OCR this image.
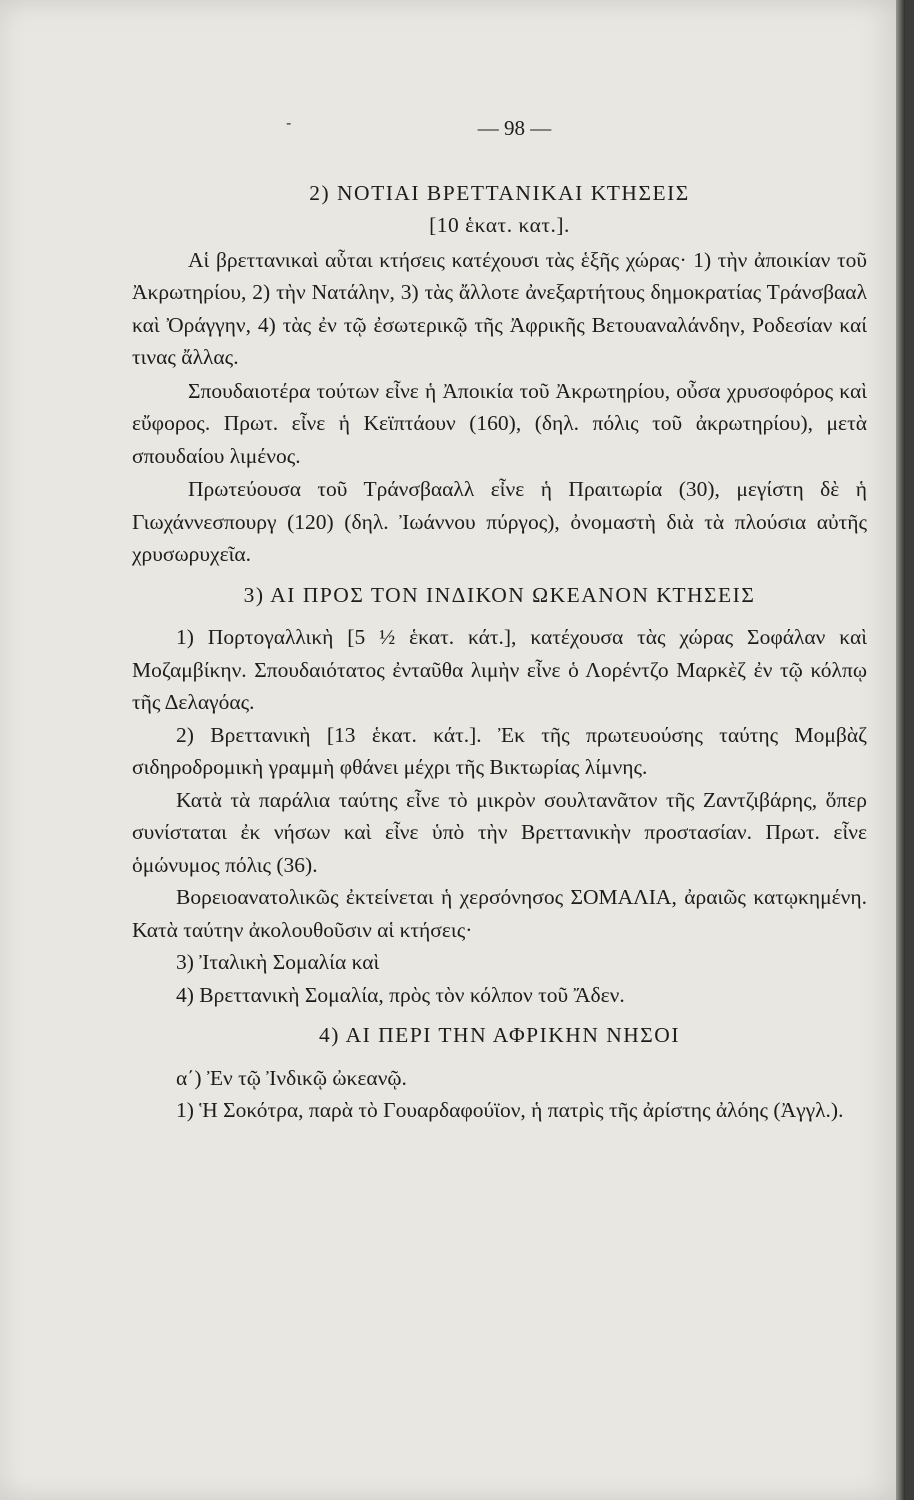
-	— 98 —

2) ΝΟΤΙΑΙ ΒΡΕΤΤΑΝΙΚΑΙ ΚΤΗΣΕΙΣ

[10 ἑκατ. κατ.].

Αἱ βρεττανικαὶ αὗται κτήσεις κατέχουσι τὰς ἑξῆς χώρας· 1) τὴν ἀποικίαν τοῦ Ἀκρωτηρίου, 2) τὴν Νατάλην, 3) τὰς ἄλλοτε ἀνεξαρτήτους δημοκρατίας Τράνσβααλ καὶ Ὀράγγην, 4) τὰς ἐν τῷ ἐσωτερικῷ τῆς Ἀφρικῆς Βετουαναλάνδην, Ροδεσίαν καί τινας ἄλλας.

Σπουδαιοτέρα τούτων εἶνε ἡ Ἀποικία τοῦ Ἀκρωτηρίου, οὖσα χρυσοφόρος καὶ εὔφορος. Πρωτ. εἶνε ἡ Κεϊπτάουν (160), (δηλ. πόλις τοῦ ἀκρωτηρίου), μετὰ σπουδαίου λιμένος.

Πρωτεύουσα τοῦ Τράνσβααλλ εἶνε ἡ Πραιτωρία (30), μεγίστη δὲ ἡ Γιωχάννεσπουργ (120) (δηλ. Ἰωάννου πύργος), ὀνομαστὴ διὰ τὰ πλούσια αὐτῆς χρυσωρυχεῖα.

3) ΑΙ ΠΡΟΣ ΤΟΝ ΙΝΔΙΚΟΝ ΩΚΕΑΝΟΝ ΚΤΗΣΕΙΣ

1) Πορτογαλλικὴ [5 ½ ἑκατ. κάτ.], κατέχουσα τὰς χώρας Σοφάλαν καὶ Μοζαμβίκην. Σπουδαιότατος ἐνταῦθα λιμὴν εἶνε ὁ Λορέντζο Μαρκὲζ ἐν τῷ κόλπῳ τῆς Δελαγόας.

2) Βρεττανικὴ [13 ἑκατ. κάτ.]. Ἐκ τῆς πρωτευούσης ταύτης Μομβὰζ σιδηροδρομικὴ γραμμὴ φθάνει μέχρι τῆς Βικτωρίας λίμνης.

Κατὰ τὰ παράλια ταύτης εἶνε τὸ μικρὸν σουλτανᾶτον τῆς Ζαντζιβάρης, ὅπερ συνίσταται ἐκ νήσων καὶ εἶνε ὑπὸ τὴν Βρεττανικὴν προστασίαν. Πρωτ. εἶνε ὁμώνυμος πόλις (36).

Βορειοανατολικῶς ἐκτείνεται ἡ χερσόνησος ΣΟΜΑΛΙΑ, ἀραιῶς κατῳκημένη. Κατὰ ταύτην ἀκολουθοῦσιν αἱ κτήσεις·

3) Ἰταλικὴ Σομαλία καὶ

4) Βρεττανικὴ Σομαλία, πρὸς τὸν κόλπον τοῦ Ἄδεν.

4) ΑΙ ΠΕΡΙ ΤΗΝ ΑΦΡΙΚΗΝ ΝΗΣΟΙ

α΄) Ἐν τῷ Ἰνδικῷ ὠκεανῷ.

1) Ἡ Σοκότρα, παρὰ τὸ Γουαρδαφούϊον, ἡ πατρὶς τῆς ἀρίστης ἀλόης (Ἀγγλ.).
